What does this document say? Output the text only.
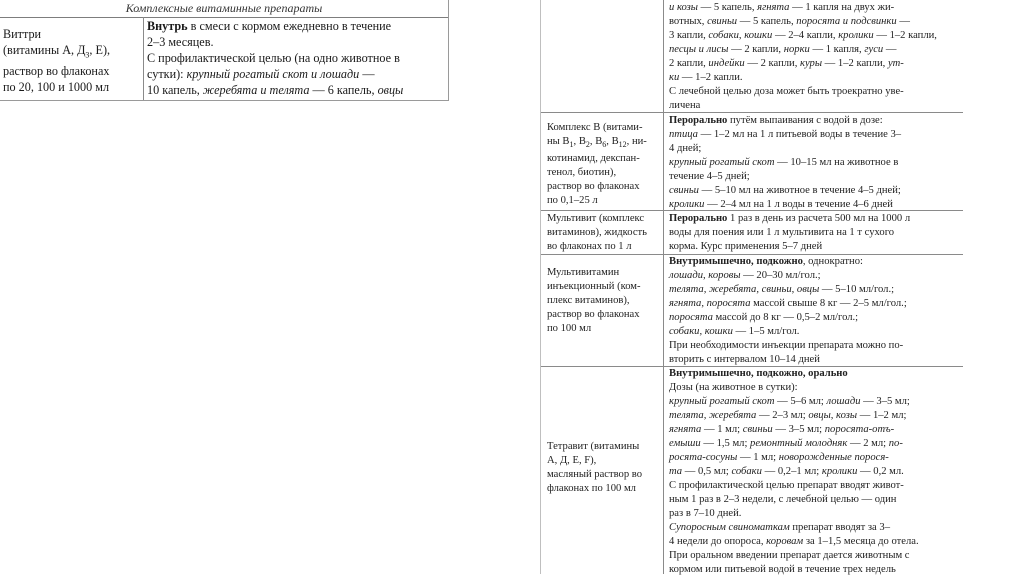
Комплексные витаминные препараты
Виттри
(витамины А, $Д_3$, Е),
раствор во флаконах
по 20, 100 и 1000 мл

Внутрь в смеси с кормом ежедневно в течение

2–3 месяцев.

С профилактической целью (на одно животное в

сутки): крупный рогатый скот и лошади —

10 капель, жеребята и телята — 6 капель, овцы

и козы — 5 капель, ягнята — 1 капля на двух жи-

вотных, свиньи — 5 капель, поросята и подсвинки —

3 капли, собаки, кошки — 2–4 капли, кролики — 1–2 капли,

песцы и лисы — 2 капли, норки — 1 капля, гуси —

2 капли, индейки — 2 капли, куры — 1–2 капли, ут-

ки — 1–2 капли.

С лечебной целью доза может быть троекратно уве-

личена

Комплекс В (витами-
ны $В_1$, $В_2$, $В_6$, $В_{12}$, ни-
котинамид, декспан-
тенол, биотин),
раствор во флаконах
по 0,1–25 л

Перорально путём выпаивания с водой в дозе:

птица — 1–2 мл на 1 л питьевой воды в течение 3–

4 дней;

крупный рогатый скот — 10–15 мл на животное в

течение 4–5 дней;

свиньи — 5–10 мл на животное в течение 4–5 дней;

кролики — 2–4 мл на 1 л воды в течение 4–6 дней

Мультивит (комплекс
витаминов), жидкость
во флаконах по 1 л

Перорально 1 раз в день из расчета 500 мл на 1000 л

воды для поения или 1 л мультивита на 1 т сухого

корма. Курс применения 5–7 дней

Мультивитамин
инъекционный (ком-
плекс витаминов),
раствор во флаконах
по 100 мл

Внутримышечно, подкожно, однократно:

лошади, коровы — 20–30 мл/гол.;

телята, жеребята, свиньи, овцы — 5–10 мл/гол.;

ягнята, поросята массой свыше 8 кг — 2–5 мл/гол.;

поросята массой до 8 кг — 0,5–2 мл/гол.;

собаки, кошки — 1–5 мл/гол.

При необходимости инъекции препарата можно по-

вторить с интервалом 10–14 дней

Тетравит (витамины
А, Д, Е, F),
масляный раствор во
флаконах по 100 мл

Внутримышечно, подкожно, орально

Дозы (на животное в сутки):

крупный рогатый скот — 5–6 мл; лошади — 3–5 мл;

телята, жеребята — 2–3 мл; овцы, козы — 1–2 мл;

ягнята — 1 мл; свиньи — 3–5 мл; поросята-отъ-

емыши — 1,5 мл; ремонтный молодняк — 2 мл; по-

росята-сосуны — 1 мл; новорожденные порося-

та — 0,5 мл; собаки — 0,2–1 мл; кролики — 0,2 мл.

С профилактической целью препарат вводят живот-

ным 1 раз в 2–3 недели, с лечебной целью — один

раз в 7–10 дней.

Супоросным свиноматкам препарат вводят за 3–

4 недели до опороса, коровам за 1–1,5 месяца до отела.

При оральном введении препарат дается животным с

кормом или питьевой водой в течение трех недель
